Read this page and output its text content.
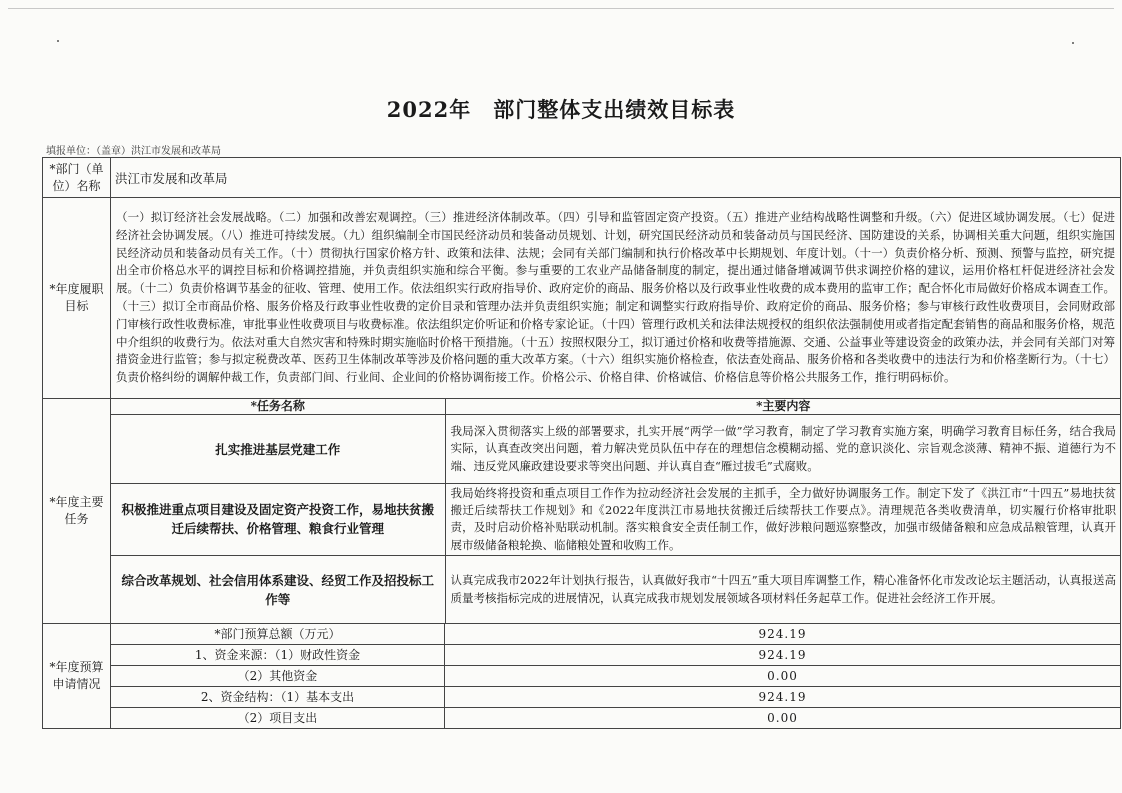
2022年　部门整体支出绩效目标表
填报单位：（盖章）洪江市发展和改革局
*部门（单位）名称	洪江市发展和改革局
*年度履职目标	（一）拟订经济社会发展战略。（二）加强和改善宏观调控。（三）推进经济体制改革。（四）引导和监管固定资产投资。（五）推进产业结构战略性调整和升级。（六）促进区域协调发展。（七）促进经济社会协调发展。（八）推进可持续发展。（九）组织编制全市国民经济动员和装备动员规划、计划，研究国民经济动员和装备动员与国民经济、国防建设的关系，协调相关重大问题，组织实施国民经济动员和装备动员有关工作。（十）贯彻执行国家价格方针、政策和法律、法规；会同有关部门编制和执行价格改革中长期规划、年度计划。（十一）负责价格分析、预测、预警与监控，研究提出全市价格总水平的调控目标和价格调控措施，并负责组织实施和综合平衡。参与重要的工农业产品储备制度的制定，提出通过储备增减调节供求调控价格的建议，运用价格杠杆促进经济社会发展。（十二）负责价格调节基金的征收、管理、使用工作。依法组织实行政府指导价、政府定价的商品、服务价格以及行政事业性收费的成本费用的监审工作；配合怀化市局做好价格成本调查工作。（十三）拟订全市商品价格、服务价格及行政事业性收费的定价目录和管理办法并负责组织实施；制定和调整实行政府指导价、政府定价的商品、服务价格；参与审核行政性收费项目，会同财政部门审核行政性收费标准，审批事业性收费项目与收费标准。依法组织定价听证和价格专家论证。（十四）管理行政机关和法律法规授权的组织依法强制使用或者指定配套销售的商品和服务价格，规范中介组织的收费行为。依法对重大自然灾害和特殊时期实施临时价格干预措施。（十五）按照权限分工，拟订通过价格和收费等措施源、交通、公益事业等建设资金的政策办法，并会同有关部门对筹措资金进行监管；参与拟定税费改革、医药卫生体制改革等涉及价格问题的重大改革方案。（十六）组织实施价格检查，依法查处商品、服务价格和各类收费中的违法行为和价格垄断行为。（十七）负责价格纠纷的调解仲裁工作，负责部门间、行业间、企业间的价格协调衔接工作。价格公示、价格自律、价格诚信、价格信息等价格公共服务工作，推行明码标价。
*年度主要任务	
*任务名称	*主要内容
扎实推进基层党建工作	我局深入贯彻落实上级的部署要求，扎实开展“两学一做”学习教育，制定了学习教育实施方案，明确学习教育目标任务，结合我局实际，认真查改突出问题，着力解决党员队伍中存在的理想信念模糊动摇、党的意识淡化、宗旨观念淡薄、精神不振、道德行为不端、违反党风廉政建设要求等突出问题、并认真自查“雁过拔毛”式腐败。
积极推进重点项目建设及固定资产投资工作，易地扶贫搬迁后续帮扶、价格管理、粮食行业管理	我局始终将投资和重点项目工作作为拉动经济社会发展的主抓手，全力做好协调服务工作。制定下发了《洪江市“十四五”易地扶贫搬迁后续帮扶工作规划》和《2022年度洪江市易地扶贫搬迁后续帮扶工作要点》。清理规范各类收费清单，切实履行价格审批职责，及时启动价格补贴联动机制。落实粮食安全责任制工作，做好涉粮问题巡察整改，加强市级储备粮和应急成品粮管理，认真开展市级储备粮轮换、临储粮处置和收购工作。
综合改革规划、社会信用体系建设、经贸工作及招投标工作等	认真完成我市2022年计划执行报告，认真做好我市“十四五”重大项目库调整工作，精心准备怀化市发改论坛主题活动，认真报送高质量考核指标完成的进展情况，认真完成我市规划发展领域各项材料任务起草工作。促进社会经济工作开展。

*年度预算申请情况	*部门预算总额（万元）	924.19
1、资金来源：（1）财政性资金	924.19
（2）其他资金	0.00
2、资金结构：（1）基本支出	924.19
（2）项目支出	0.00
